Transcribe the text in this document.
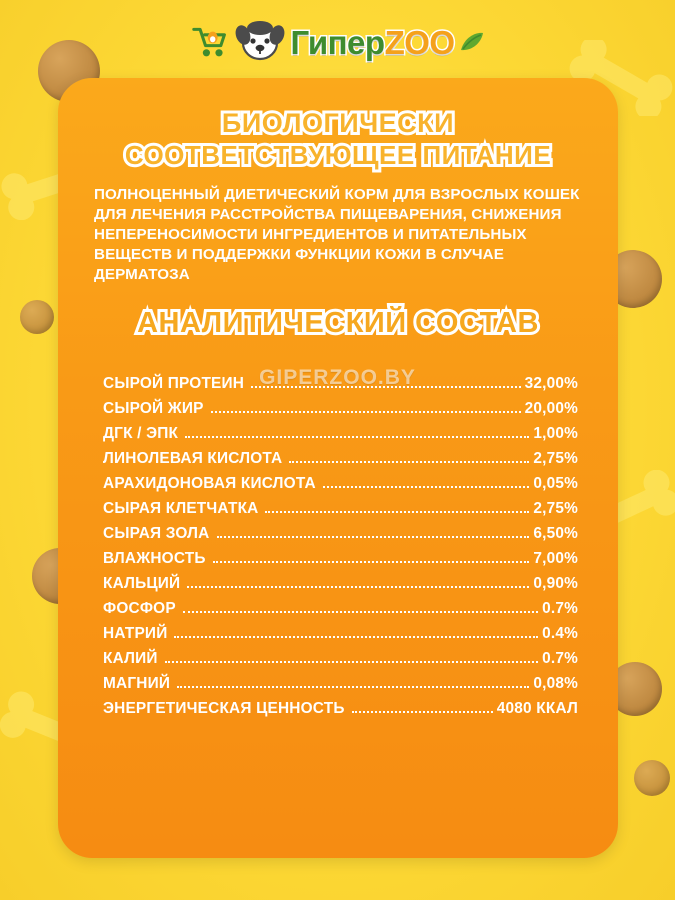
БИОЛОГИЧЕСКИ
СООТВЕТСТВУЮЩЕЕ ПИТАНИЕ

ПОЛНОЦЕННЫЙ ДИЕТИЧЕСКИЙ КОРМ ДЛЯ ВЗРОСЛЫХ КОШЕК ДЛЯ ЛЕЧЕНИЯ РАССТРОЙСТВА ПИЩЕВАРЕНИЯ, СНИЖЕНИЯ НЕПЕРЕНОСИМОСТИ ИНГРЕДИЕНТОВ И ПИТАТЕЛЬНЫХ ВЕЩЕСТВ И ПОДДЕРЖКИ ФУНКЦИИ КОЖИ В СЛУЧАЕ ДЕРМАТОЗА

АНАЛИТИЧЕСКИЙ СОСТАВ
СЫРОЙ ПРОТЕИН	32,00%
СЫРОЙ ЖИР	20,00%
ДГК / ЭПК	1,00%
ЛИНОЛЕВАЯ КИСЛОТА	2,75%
АРАХИДОНОВАЯ КИСЛОТА	0,05%
СЫРАЯ КЛЕТЧАТКА	2,75%
СЫРАЯ ЗОЛА	6,50%
ВЛАЖНОСТЬ	7,00%
КАЛЬЦИЙ	0,90%
ФОСФОР	0.7%
НАТРИЙ	0.4%
КАЛИЙ	0.7%
МАГНИЙ	0,08%
ЭНЕРГЕТИЧЕСКАЯ ЦЕННОСТЬ	4080 ККАЛ
GIPERZOO.BY
ГиперZOO
